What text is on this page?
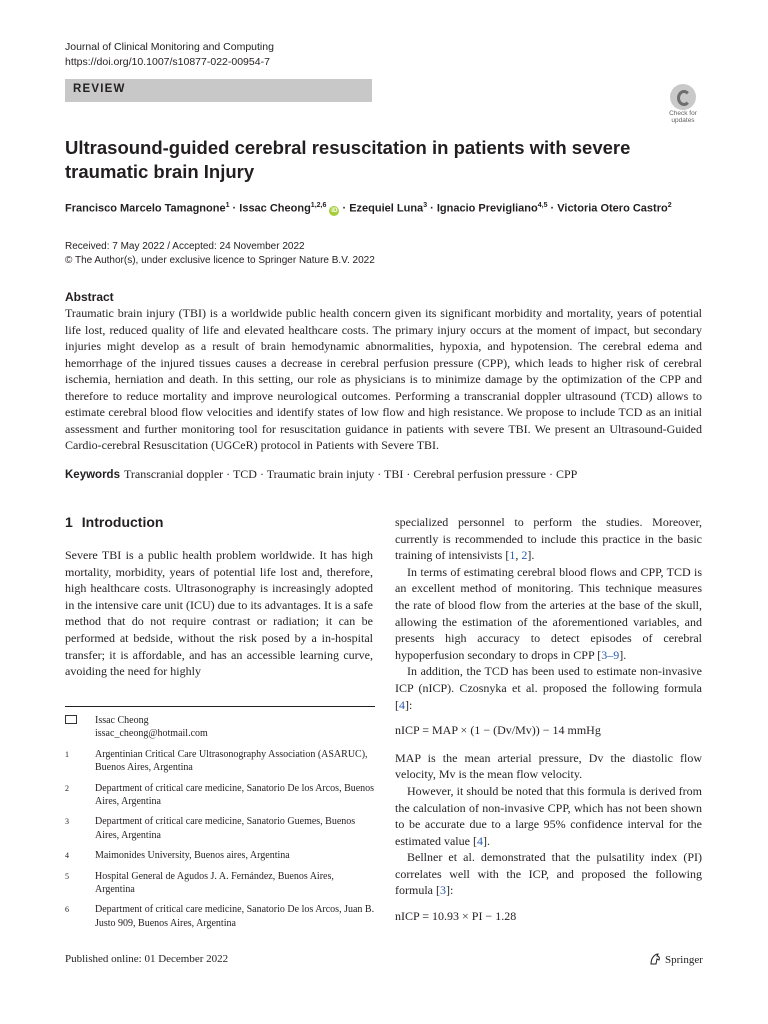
Journal of Clinical Monitoring and Computing
https://doi.org/10.1007/s10877-022-00954-7
REVIEW
Check for
updates
Ultrasound-guided cerebral resuscitation in patients with severe traumatic brain Injury
Francisco Marcelo Tamagnone$^1$ · Issac Cheong$^{1,2,6}$ iD · Ezequiel Luna$^3$ · Ignacio Previgliano$^{4,5}$ · Victoria Otero Castro$^2$
Received: 7 May 2022 / Accepted: 24 November 2022
© The Author(s), under exclusive licence to Springer Nature B.V. 2022
Abstract
Traumatic brain injury (TBI) is a worldwide public health concern given its significant morbidity and mortality, years of potential life lost, reduced quality of life and elevated healthcare costs. The primary injury occurs at the moment of impact, but secondary injuries might develop as a result of brain hemodynamic abnormalities, hypoxia, and hypotension. The cerebral edema and hemorrhage of the injured tissues causes a decrease in cerebral perfusion pressure (CPP), which leads to higher risk of cerebral ischemia, herniation and death. In this setting, our role as physicians is to minimize damage by the optimization of the CPP and therefore to reduce mortality and improve neurological outcomes. Performing a transcranial doppler ultrasound (TCD) allows to estimate cerebral blood flow velocities and identify states of low flow and high resistance. We propose to include TCD as an initial assessment and further monitoring tool for resuscitation guidance in patients with severe TBI. We present an Ultrasound-Guided Cardio-cerebral Resuscitation (UGCeR) protocol in Patients with Severe TBI.
Keywords Transcranial doppler · TCD · Traumatic brain injuty · TBI · Cerebral perfusion pressure · CPP
1 Introduction

Severe TBI is a public health problem worldwide. It has high mortality, morbidity, years of potential life lost and, therefore, high healthcare costs. Ultrasonography is increasingly adopted in the intensive care unit (ICU) due to its advantages. It is a safe method that do not require contrast or radiation; it can be performed at bedside, without the risk posed by a in-hospital transfer; it is affordable, and has an accessible learning curve, avoiding the need for highly

specialized personnel to perform the studies. Moreover, currently is recommended to include this practice in the basic training of intensivists [1, 2].

In terms of estimating cerebral blood flows and CPP, TCD is an excellent method of monitoring. This technique measures the rate of blood flow from the arteries at the base of the skull, allowing the estimation of the aforementioned variables, and presents high accuracy to detect episodes of cerebral hypoperfusion secondary to drops in CPP [3–9].

In addition, the TCD has been used to estimate non-invasive ICP (nICP). Czosnyka et al. proposed the following formula [4]:

nICP = MAP × (1 − (Dv/Mv)) − 14 mmHg

MAP is the mean arterial pressure, Dv the diastolic flow velocity, Mv is the mean flow velocity.

However, it should be noted that this formula is derived from the calculation of non-invasive CPP, which has not been shown to be accurate due to a large 95% confidence interval for the estimated value [4].

Bellner et al. demonstrated that the pulsatility index (PI) correlates well with the ICP, and proposed the following formula [3]:

nICP = 10.93 × PI − 1.28
Issac Cheong
issac_cheong@hotmail.com
1	Argentinian Critical Care Ultrasonography Association (ASARUC), Buenos Aires, Argentina
2	Department of critical care medicine, Sanatorio De los Arcos, Buenos Aires, Argentina
3	Department of critical care medicine, Sanatorio Guemes, Buenos Aires, Argentina
4	Maimonides University, Buenos aires, Argentina
5	Hospital General de Agudos J. A. Fernández, Buenos Aires, Argentina
6	Department of critical care medicine, Sanatorio De los Arcos, Juan B. Justo 909, Buenos Aires, Argentina
Published online: 01 December 2022	Springer
